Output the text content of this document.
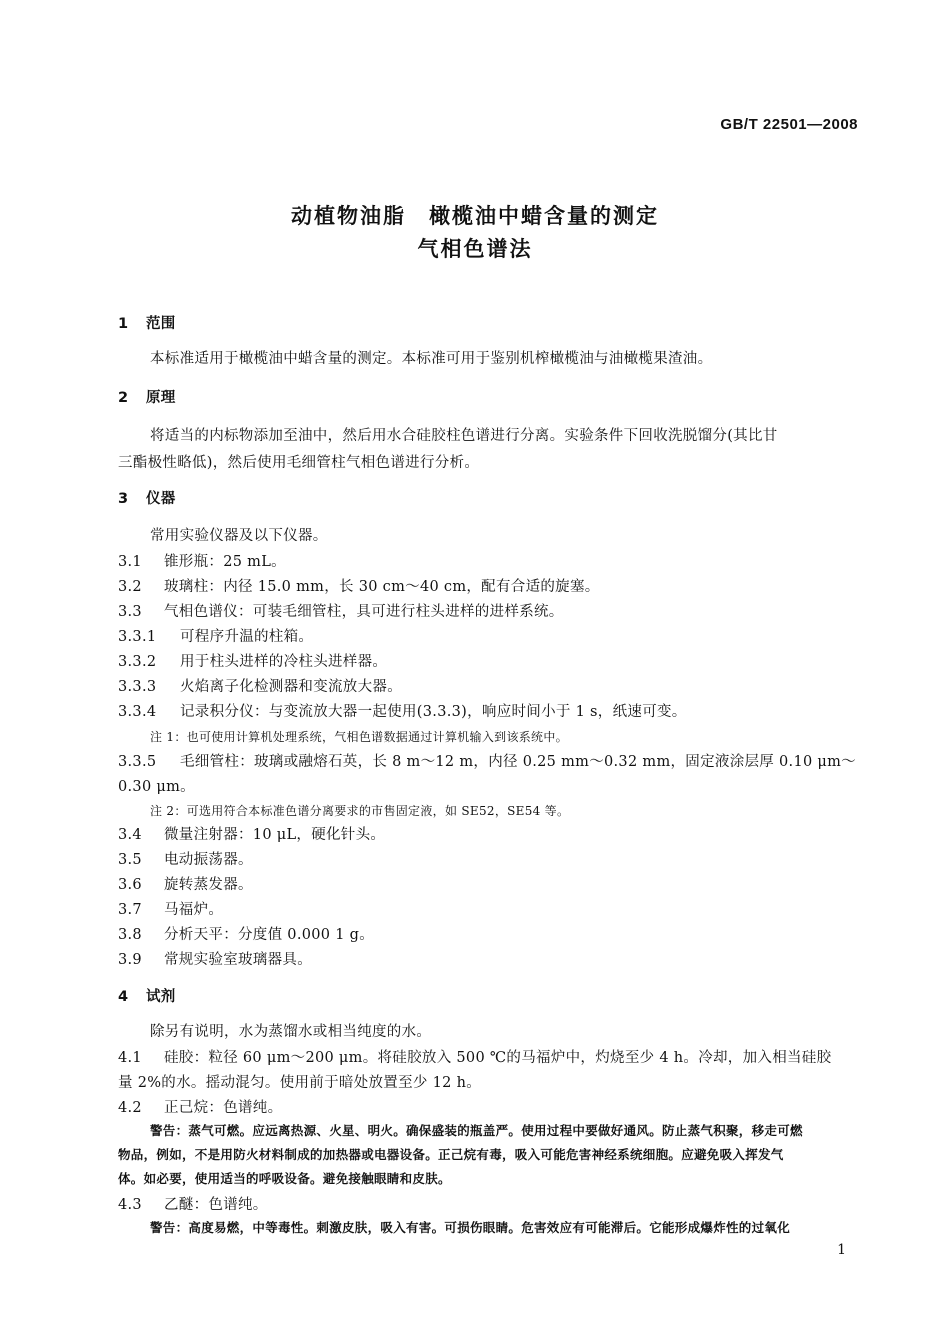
GB/T 22501—2008
动植物油脂　橄榄油中蜡含量的测定
气相色谱法
1 范围
本标准适用于橄榄油中蜡含量的测定。本标准可用于鉴别机榨橄榄油与油橄榄果渣油。
2 原理
将适当的内标物添加至油中，然后用水合硅胶柱色谱进行分离。实验条件下回收洗脱馏分(其比甘
三酯极性略低)，然后使用毛细管柱气相色谱进行分析。
3 仪器
常用实验仪器及以下仪器。
3.1 锥形瓶：25 mL。
3.2 玻璃柱：内径 15.0 mm，长 30 cm～40 cm，配有合适的旋塞。
3.3 气相色谱仪：可装毛细管柱，具可进行柱头进样的进样系统。
3.3.1 可程序升温的柱箱。
3.3.2 用于柱头进样的冷柱头进样器。
3.3.3 火焰离子化检测器和变流放大器。
3.3.4 记录积分仪：与变流放大器一起使用(3.3.3)，响应时间小于 1 s，纸速可变。
注 1：也可使用计算机处理系统，气相色谱数据通过计算机输入到该系统中。
3.3.5 毛细管柱：玻璃或融熔石英，长 8 m～12 m，内径 0.25 mm～0.32 mm，固定液涂层厚 0.10 μm～
0.30 μm。
注 2：可选用符合本标准色谱分离要求的市售固定液，如 SE52，SE54 等。
3.4 微量注射器：10 μL，硬化针头。
3.5 电动振荡器。
3.6 旋转蒸发器。
3.7 马福炉。
3.8 分析天平：分度值 0.000 1 g。
3.9 常规实验室玻璃器具。
4 试剂
除另有说明，水为蒸馏水或相当纯度的水。
4.1 硅胶：粒径 60 μm～200 μm。将硅胶放入 500 ℃的马福炉中，灼烧至少 4 h。冷却，加入相当硅胶
量 2%的水。摇动混匀。使用前于暗处放置至少 12 h。
4.2 正己烷：色谱纯。
警告：蒸气可燃。应远离热源、火星、明火。确保盛装的瓶盖严。使用过程中要做好通风。防止蒸气积聚，移走可燃
物品，例如，不是用防火材料制成的加热器或电器设备。正己烷有毒，吸入可能危害神经系统细胞。应避免吸入挥发气
体。如必要，使用适当的呼吸设备。避免接触眼睛和皮肤。
4.3 乙醚：色谱纯。
警告：高度易燃，中等毒性。刺激皮肤，吸入有害。可损伤眼睛。危害效应有可能滞后。它能形成爆炸性的过氧化
1
